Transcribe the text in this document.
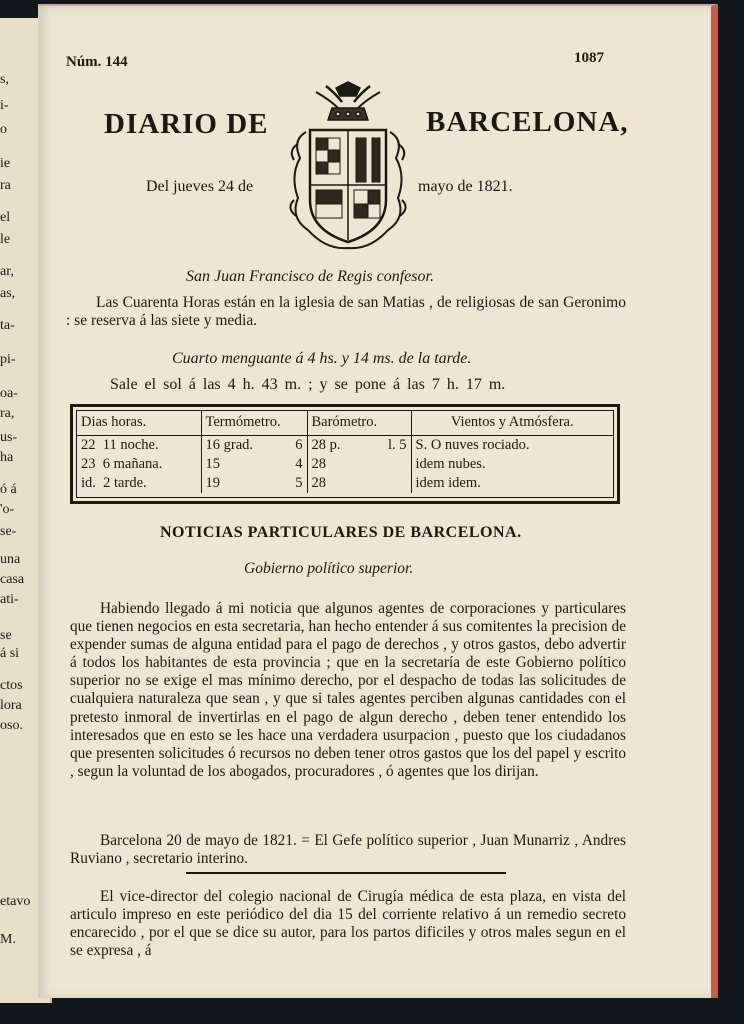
s,
i-
o
ie
ra
el
le
ar,
as,
ta-
pi-
oa-
ra,
us-
ha
ó á
'o-
se-
una
casa
ati-
se
á si
ctos
lora
oso.
etavo
M.
Núm. 144	1087
DIARIO DE	BARCELONA,
Del jueves 24 de	mayo de 1821.
San Juan Francisco de Regis confesor.
Las Cuarenta Horas están en la iglesia de san Matias , de religiosas de san Geronimo : se reserva á las siete y media.
Cuarto menguante á 4 hs. y 14 ms. de la tarde.
Sale el sol á las 4 h. 43 m. ; y se pone á las 7 h. 17 m.
Dias horas.	Termómetro.	Barómetro.	Vientos y Atmósfera.
22 11 noche.	16 grad. 6	28 p. l. 5	S. O nuves rociado.
23 6 mañana.	15 4	28	idem nubes.
id. 2 tarde.	19 5	28	idem idem.
NOTICIAS PARTICULARES DE BARCELONA.
Gobierno político superior.
Habiendo llegado á mi noticia que algunos agentes de corporaciones y particulares que tienen negocios en esta secretaria, han hecho entender á sus comitentes la precision de expender sumas de alguna entidad para el pago de derechos , y otros gastos, debo advertir á todos los habitantes de esta provincia ; que en la secretaría de este Gobierno político superior no se exige el mas mínimo derecho, por el despacho de todas las solicitudes de cualquiera naturaleza que sean , y que si tales agentes perciben algunas cantidades con el pretesto inmoral de invertirlas en el pago de algun derecho , deben tener entendido los interesados que en esto se les hace una verdadera usurpacion , puesto que los ciudadanos que presenten solicitudes ó recursos no deben tener otros gastos que los del papel y escrito , segun la voluntad de los abogados, procuradores , ó agentes que los dirijan.
Barcelona 20 de mayo de 1821. = El Gefe político superior , Juan Munarriz , Andres Ruviano , secretario interino.
El vice-director del colegio nacional de Cirugía médica de esta plaza, en vista del articulo impreso en este periódico del dia 15 del corriente relativo á un remedio secreto encarecido , por el que se dice su autor, para los partos dificiles y otros males segun en el se expresa , á
